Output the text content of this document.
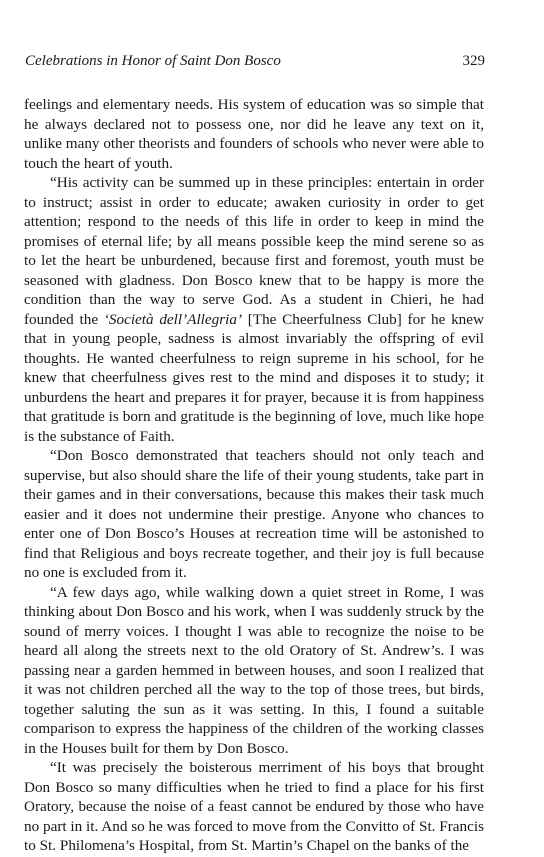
Celebrations in Honor of Saint Don Bosco	329

feelings and elementary needs. His system of education was so simple that he always declared not to possess one, nor did he leave any text on it, unlike many other theorists and founders of schools who never were able to touch the heart of youth.

“His activity can be summed up in these principles: entertain in order to instruct; assist in order to educate; awaken curiosity in order to get attention; respond to the needs of this life in order to keep in mind the promises of eternal life; by all means possible keep the mind serene so as to let the heart be unburdened, because first and foremost, youth must be seasoned with gladness. Don Bosco knew that to be happy is more the condition than the way to serve God. As a student in Chieri, he had founded the ‘Società dell’Allegria’ [The Cheerfulness Club] for he knew that in young people, sadness is almost invariably the offspring of evil thoughts. He wanted cheerfulness to reign supreme in his school, for he knew that cheerfulness gives rest to the mind and disposes it to study; it unburdens the heart and prepares it for prayer, because it is from happiness that gratitude is born and gratitude is the beginning of love, much like hope is the substance of Faith.

“Don Bosco demonstrated that teachers should not only teach and supervise, but also should share the life of their young students, take part in their games and in their conversations, because this makes their task much easier and it does not undermine their prestige. Anyone who chances to enter one of Don Bosco’s Houses at recreation time will be astonished to find that Religious and boys recreate together, and their joy is full because no one is excluded from it.

“A few days ago, while walking down a quiet street in Rome, I was thinking about Don Bosco and his work, when I was suddenly struck by the sound of merry voices. I thought I was able to recognize the noise to be heard all along the streets next to the old Oratory of St. Andrew’s. I was passing near a garden hemmed in between houses, and soon I realized that it was not children perched all the way to the top of those trees, but birds, together saluting the sun as it was setting. In this, I found a suitable comparison to express the happiness of the children of the working classes in the Houses built for them by Don Bosco.

“It was precisely the boisterous merriment of his boys that brought Don Bosco so many difficulties when he tried to find a place for his first Oratory, because the noise of a feast cannot be endured by those who have no part in it. And so he was forced to move from the Convitto of St. Francis to St. Philomena’s Hospital, from St. Martin’s Chapel on the banks of the
